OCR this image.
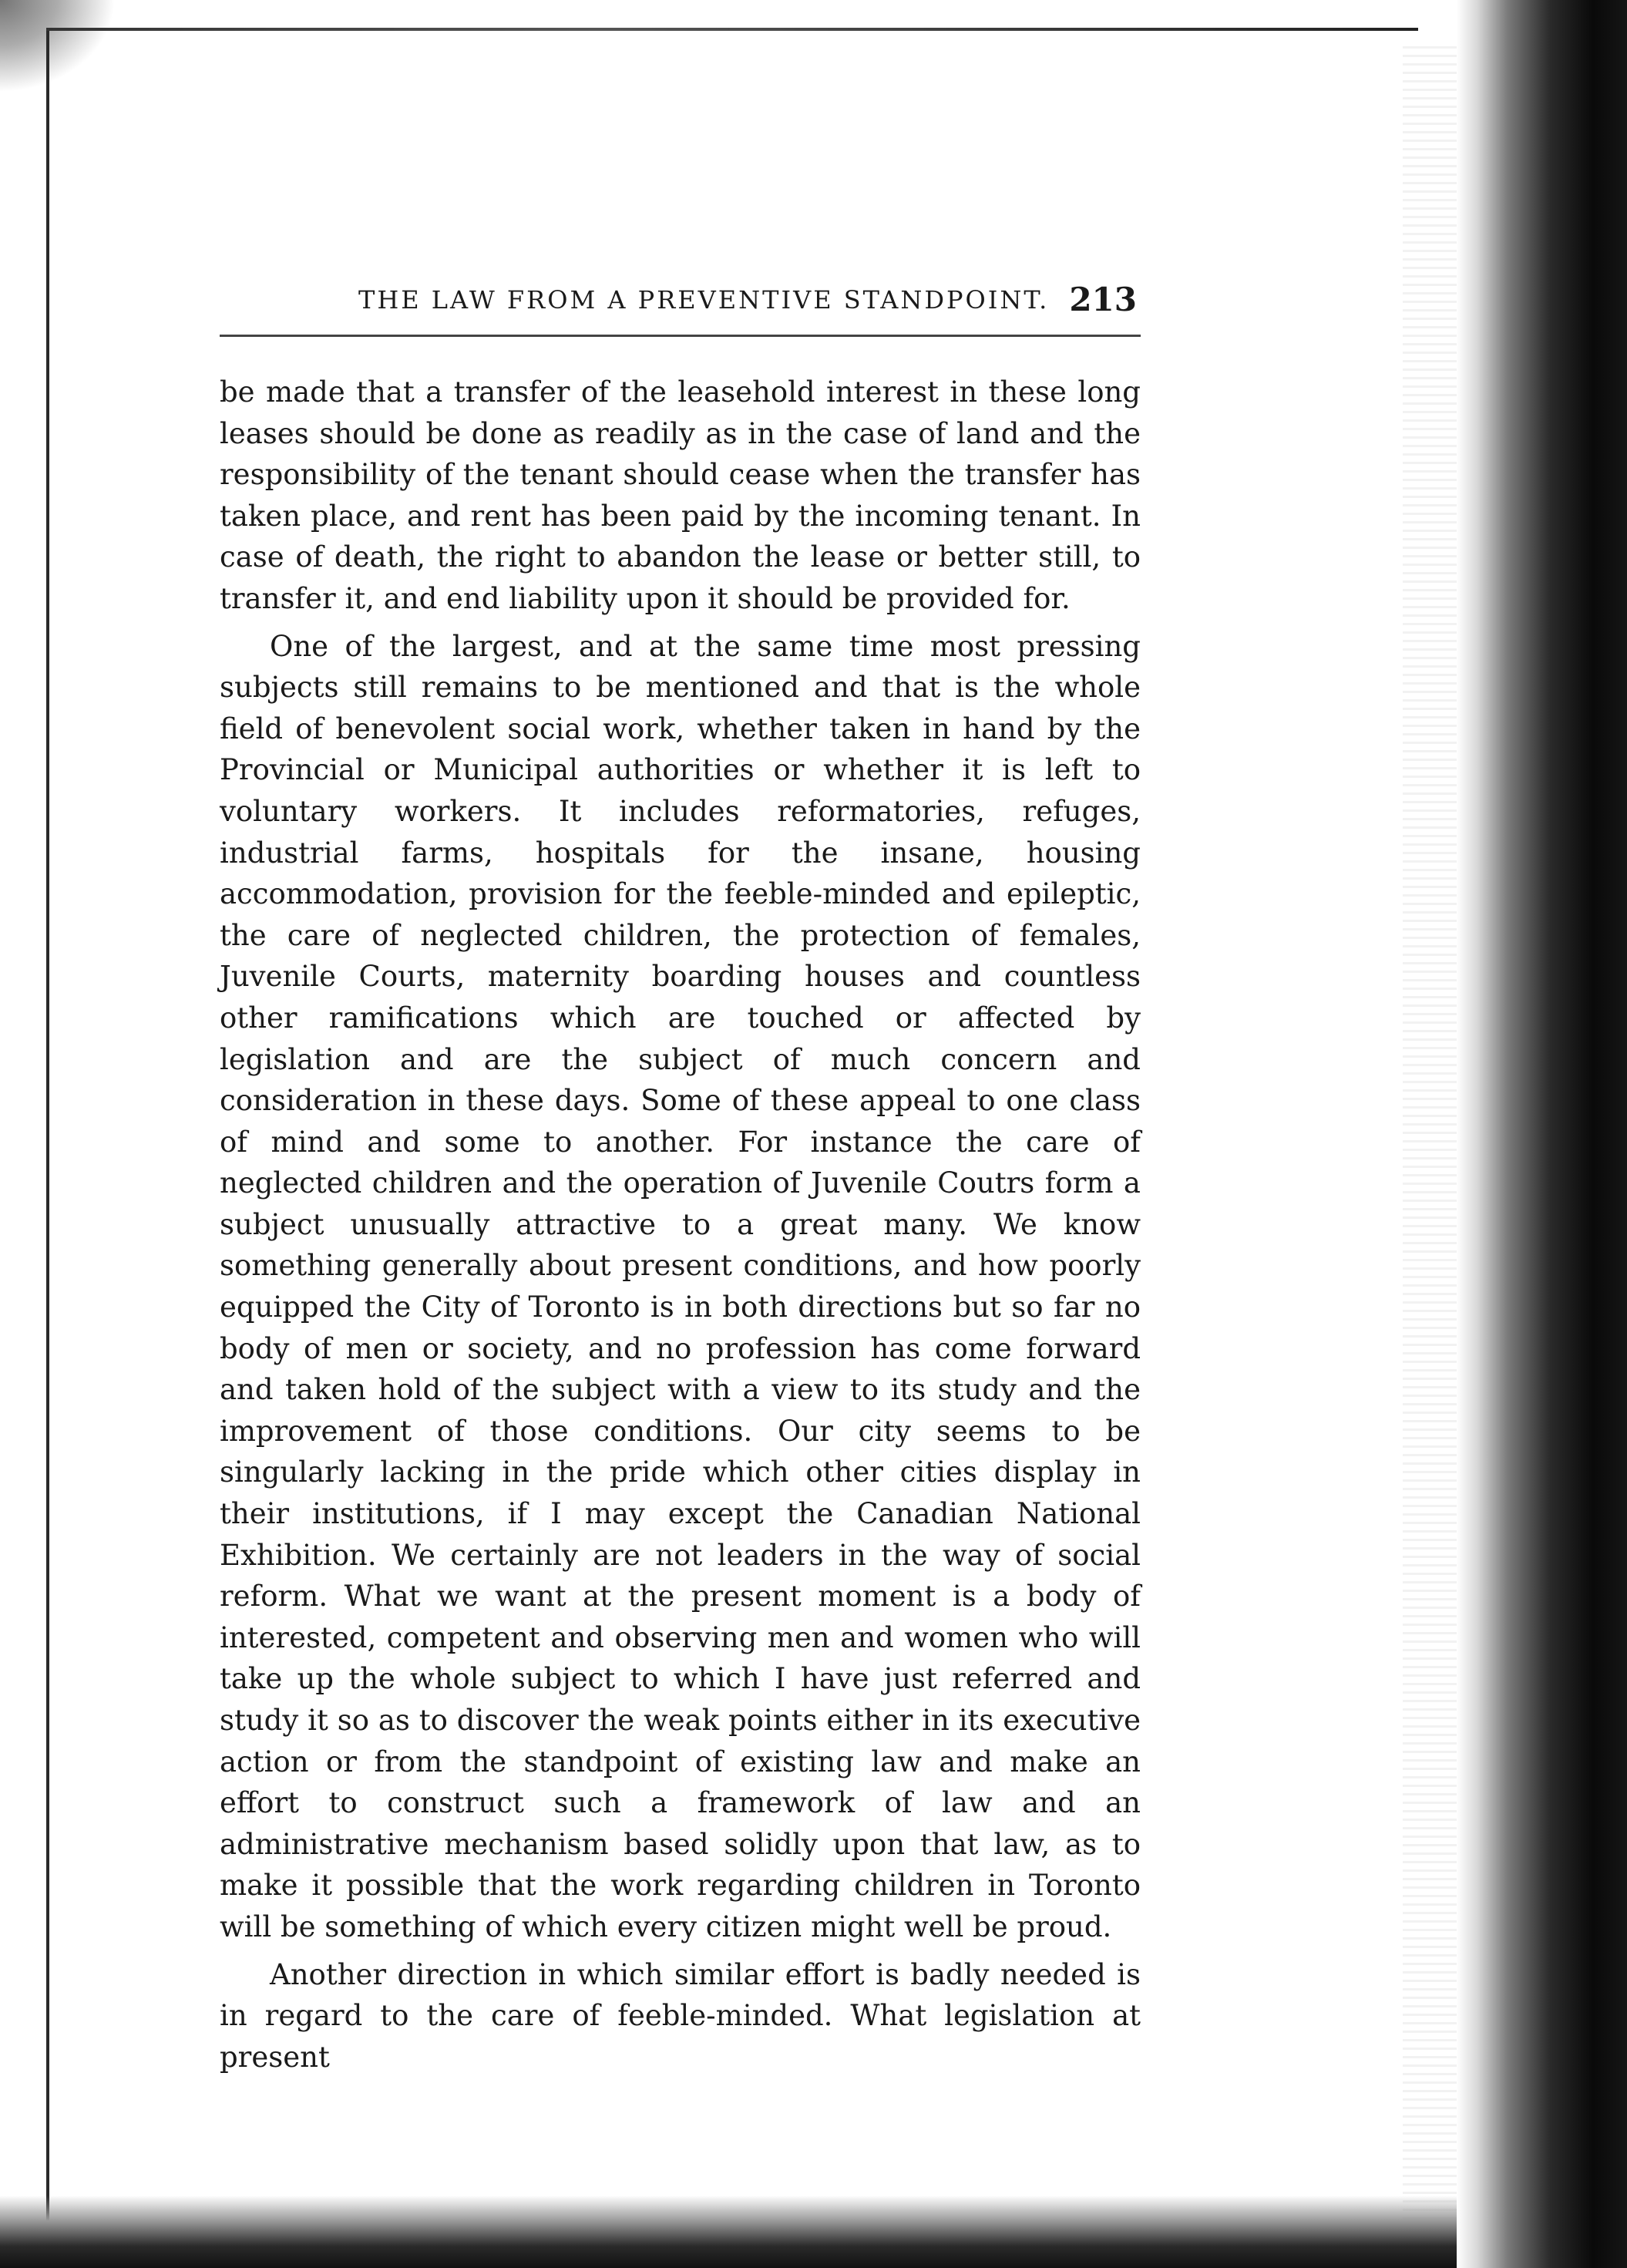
THE LAW FROM A PREVENTIVE STANDPOINT. 213

be made that a transfer of the leasehold interest in these long leases should be done as readily as in the case of land and the responsibility of the tenant should cease when the transfer has taken place, and rent has been paid by the incoming tenant. In case of death, the right to abandon the lease or better still, to transfer it, and end liability upon it should be provided for.

One of the largest, and at the same time most pressing subjects still remains to be mentioned and that is the whole field of benevolent social work, whether taken in hand by the Provincial or Municipal authorities or whether it is left to voluntary workers. It includes reformatories, refuges, industrial farms, hospitals for the insane, housing accommodation, provision for the feeble-minded and epileptic, the care of neglected children, the protection of females, Juvenile Courts, maternity boarding houses and countless other ramifications which are touched or affected by legislation and are the subject of much concern and consideration in these days. Some of these appeal to one class of mind and some to another. For instance the care of neglected children and the operation of Juvenile Coutrs form a subject unusually attractive to a great many. We know something generally about present conditions, and how poorly equipped the City of Toronto is in both directions but so far no body of men or society, and no profession has come forward and taken hold of the subject with a view to its study and the improvement of those conditions. Our city seems to be singularly lacking in the pride which other cities display in their institutions, if I may except the Canadian National Exhibition. We certainly are not leaders in the way of social reform. What we want at the present moment is a body of interested, competent and observing men and women who will take up the whole subject to which I have just referred and study it so as to discover the weak points either in its executive action or from the standpoint of existing law and make an effort to construct such a framework of law and an administrative mechanism based solidly upon that law, as to make it possible that the work regarding children in Toronto will be something of which every citizen might well be proud.

Another direction in which similar effort is badly needed is in regard to the care of feeble-minded. What legislation at present
